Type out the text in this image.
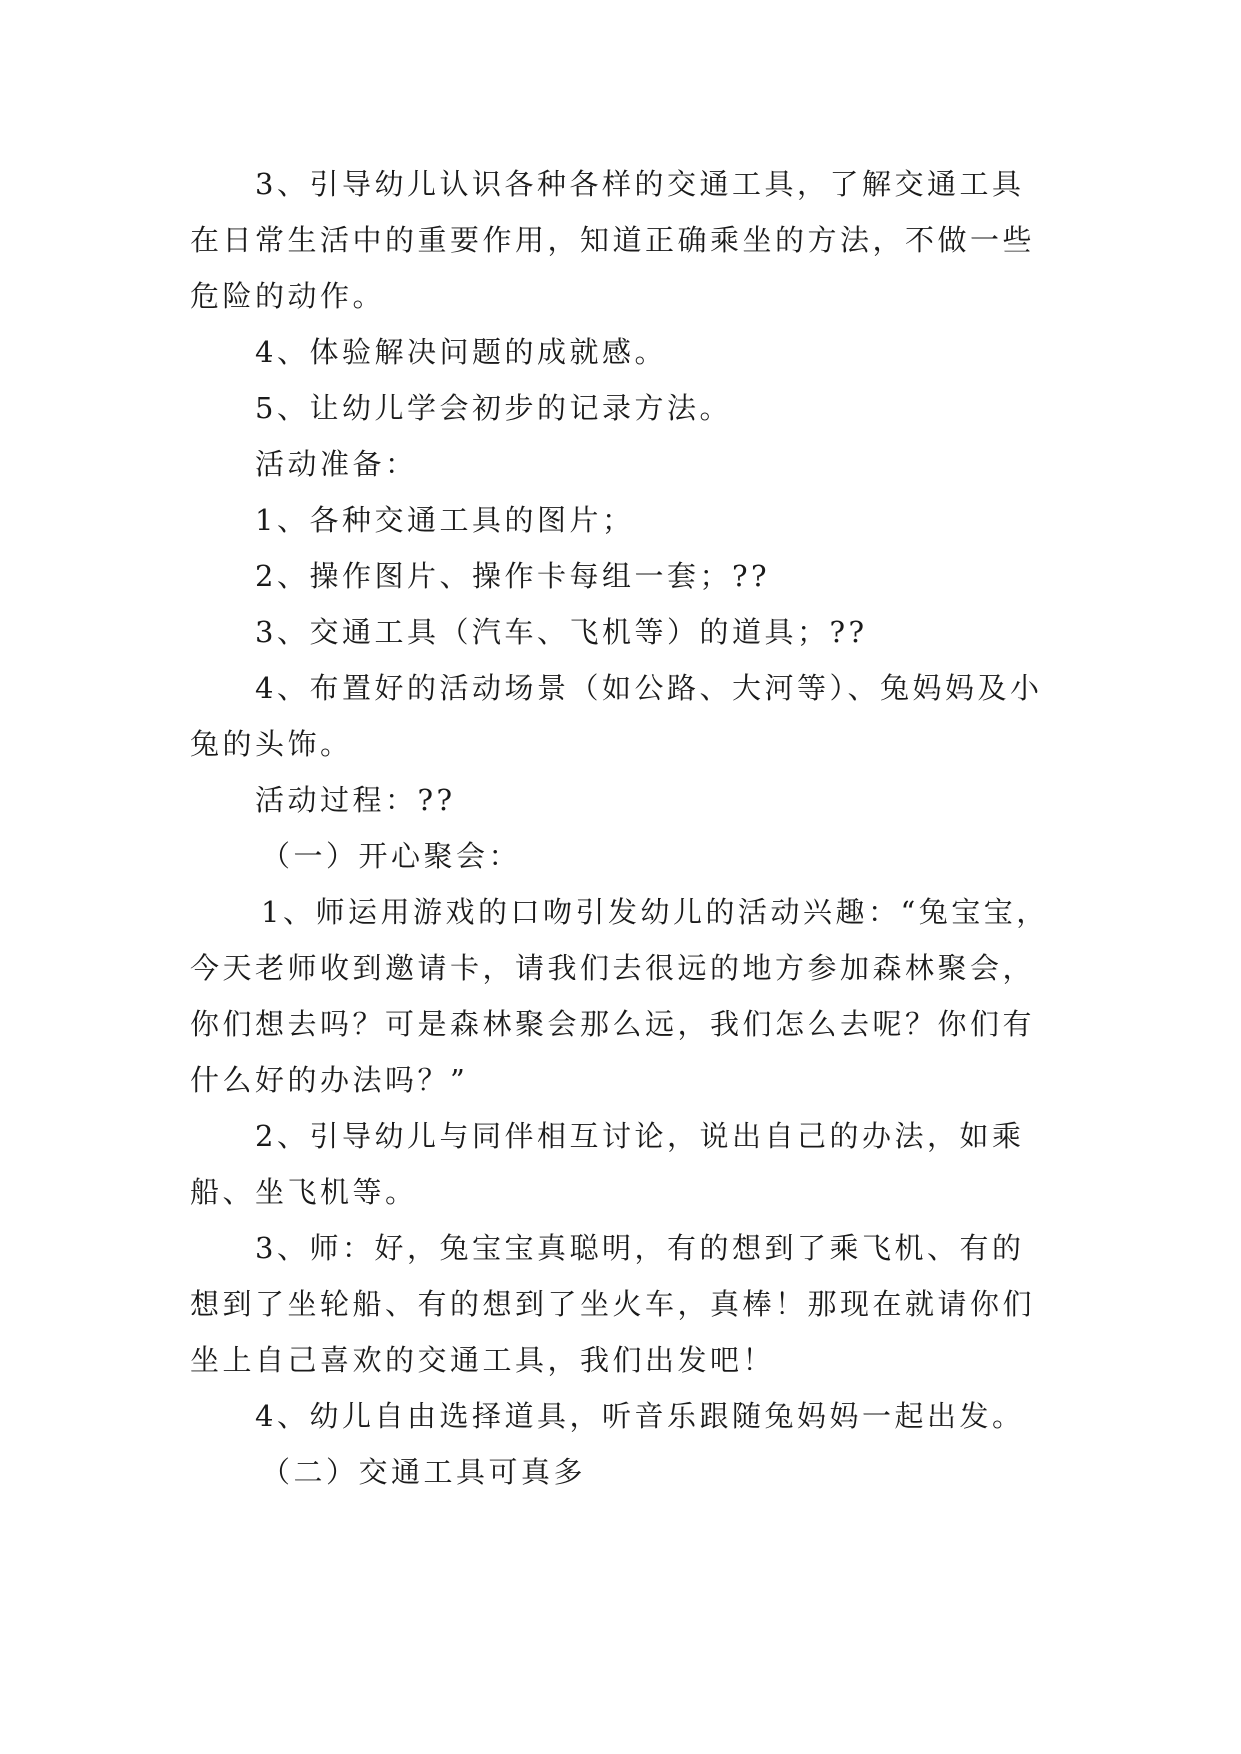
3、引导幼儿认识各种各样的交通工具，了解交通工具

在日常生活中的重要作用，知道正确乘坐的方法，不做一些

危险的动作。

4、体验解决问题的成就感。

5、让幼儿学会初步的记录方法。

活动准备：

1、各种交通工具的图片；

2、操作图片、操作卡每组一套；??

3、交通工具（汽车、飞机等）的道具；??

4、布置好的活动场景（如公路、大河等）、兔妈妈及小

兔的头饰。

活动过程：??

（一）开心聚会：

1、师运用游戏的口吻引发幼儿的活动兴趣：“兔宝宝，

今天老师收到邀请卡，请我们去很远的地方参加森林聚会，

你们想去吗？可是森林聚会那么远，我们怎么去呢？你们有

什么好的办法吗？”

2、引导幼儿与同伴相互讨论，说出自己的办法，如乘

船、坐飞机等。

3、师：好，兔宝宝真聪明，有的想到了乘飞机、有的

想到了坐轮船、有的想到了坐火车，真棒！那现在就请你们

坐上自己喜欢的交通工具，我们出发吧！

4、幼儿自由选择道具，听音乐跟随兔妈妈一起出发。

（二）交通工具可真多
